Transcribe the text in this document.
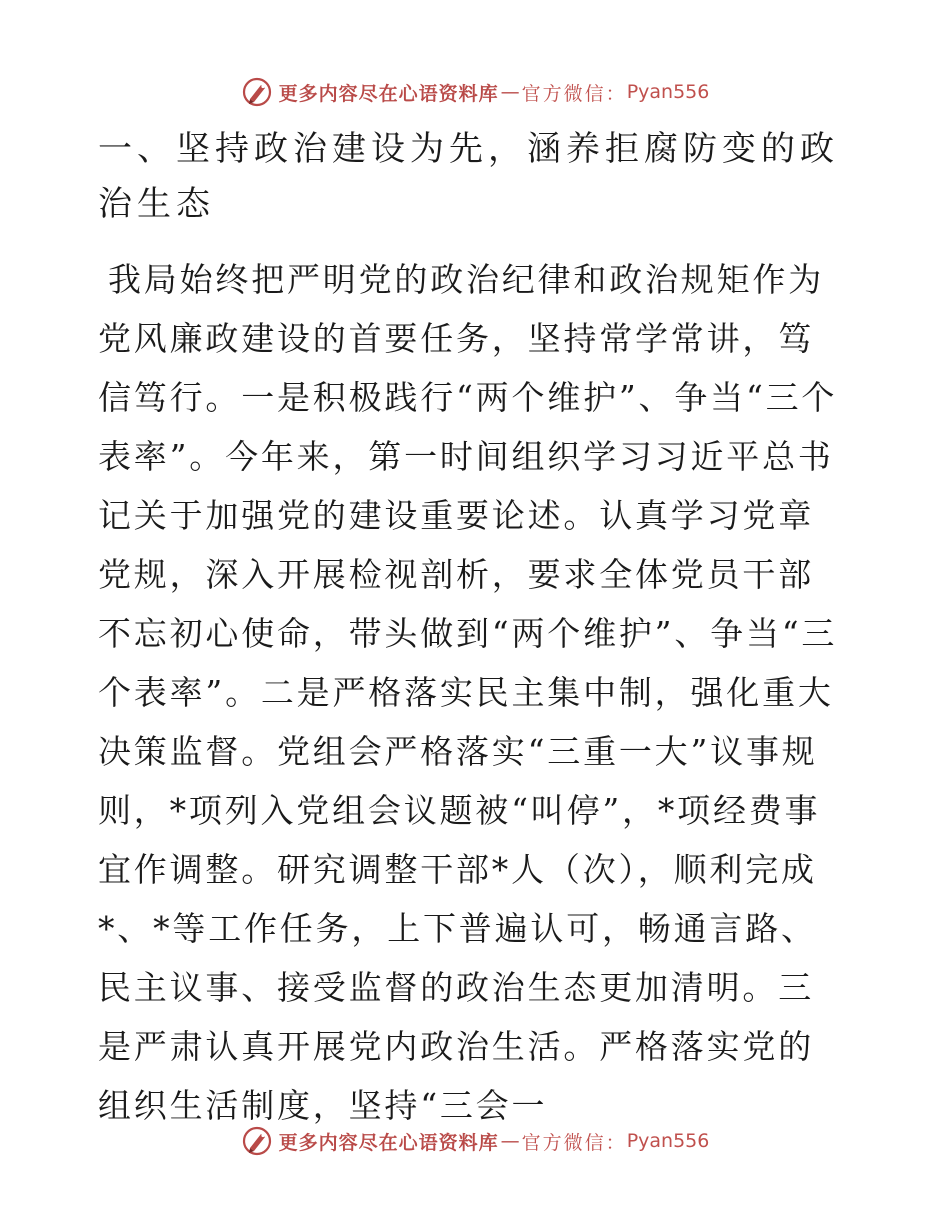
更多内容尽在心语资料库 — 官方微信： Pyan556
一、坚持政治建设为先，涵养拒腐防变的政治生态

我局始终把严明党的政治纪律和政治规矩作为党风廉政建设的首要任务，坚持常学常讲，笃信笃行。一是积极践行“两个维护”、争当“三个表率”。今年来，第一时间组织学习习近平总书记关于加强党的建设重要论述。认真学习党章党规，深入开展检视剖析，要求全体党员干部不忘初心使命，带头做到“两个维护”、争当“三个表率”。二是严格落实民主集中制，强化重大决策监督。党组会严格落实“三重一大”议事规则，*项列入党组会议题被“叫停”，*项经费事宜作调整。研究调整干部*人（次），顺利完成*、*等工作任务，上下普遍认可，畅通言路、民主议事、接受监督的政治生态更加清明。三是严肃认真开展党内政治生活。严格落实党的组织生活制度，坚持“三会一

更多内容尽在心语资料库 — 官方微信： Pyan556
